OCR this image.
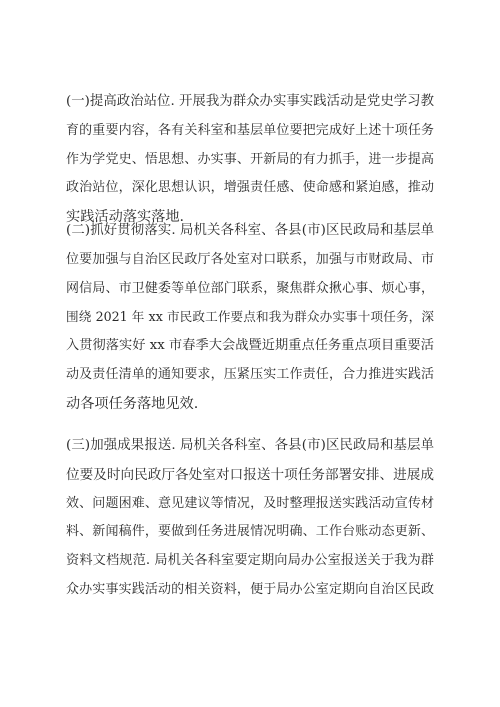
(一)提高政治站位. 开展我为群众办实事实践活动是党史学习教
育的重要内容，各有关科室和基层单位要把完成好上述十项任务
作为学党史、悟思想、办实事、开新局的有力抓手，进一步提高
政治站位，深化思想认识，增强责任感、使命感和紧迫感，推动
实践活动落实落地.
(二)抓好贯彻落实. 局机关各科室、各县(市)区民政局和基层单
位要加强与自治区民政厅各处室对口联系，加强与市财政局、市
网信局、市卫健委等单位部门联系，聚焦群众揪心事、烦心事，
围绕 2021 年 xx 市民政工作要点和我为群众办实事十项任务，深
入贯彻落实好 xx 市春季大会战暨近期重点任务重点项目重要活
动及责任清单的通知要求，压紧压实工作责任，合力推进实践活
动各项任务落地见效.
(三)加强成果报送. 局机关各科室、各县(市)区民政局和基层单
位要及时向民政厅各处室对口报送十项任务部署安排、进展成
效、问题困难、意见建议等情况，及时整理报送实践活动宣传材
料、新闻稿件，要做到任务进展情况明确、工作台账动态更新、
资料文档规范. 局机关各科室要定期向局办公室报送关于我为群
众办实事实践活动的相关资料，便于局办公室定期向自治区民政
